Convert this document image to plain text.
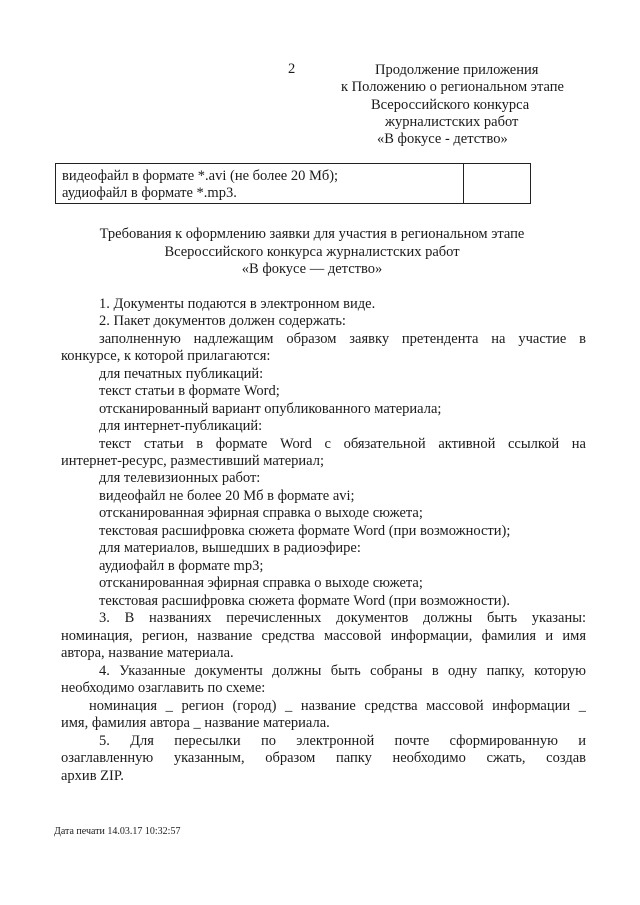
2	Продолжение приложения
к Положению о региональном этапе
Всероссийского конкурса
журналистских работ
«В фокусе - детство»
видеофайл в формате *.avi (не более 20 Мб);
аудиофайл в формате *.mp3.
Требования к оформлению заявки для участия в региональном этапе
Всероссийского конкурса журналистских работ
«В фокусе — детство»
1. Документы подаются в электронном виде.
2. Пакет документов должен содержать:
заполненную надлежащим образом заявку претендента на участие в
конкурсе, к которой прилагаются:
для печатных публикаций:
текст статьи в формате Word;
отсканированный вариант опубликованного материала;
для интернет-публикаций:
текст статьи в формате Word с обязательной активной ссылкой на
интернет-ресурс, разместивший материал;
для телевизионных работ:
видеофайл не более 20 Мб в формате avi;
отсканированная эфирная справка о выходе сюжета;
текстовая расшифровка сюжета формате Word (при возможности);
для материалов, вышедших в радиоэфире:
аудиофайл в формате mp3;
отсканированная эфирная справка о выходе сюжета;
текстовая расшифровка сюжета формате Word (при возможности).
3. В названиях перечисленных документов должны быть указаны:
номинация, регион, название средства массовой информации, фамилия и имя
автора, название материала.
4. Указанные документы должны быть собраны в одну папку, которую
необходимо озаглавить по схеме:
номинация _ регион (город) _ название средства массовой информации _
имя, фамилия автора _ название материала.
5. Для пересылки по электронной почте сформированную и
озаглавленную указанным, образом папку необходимо сжать, создав
архив ZIP.
Дата печати 14.03.17 10:32:57
